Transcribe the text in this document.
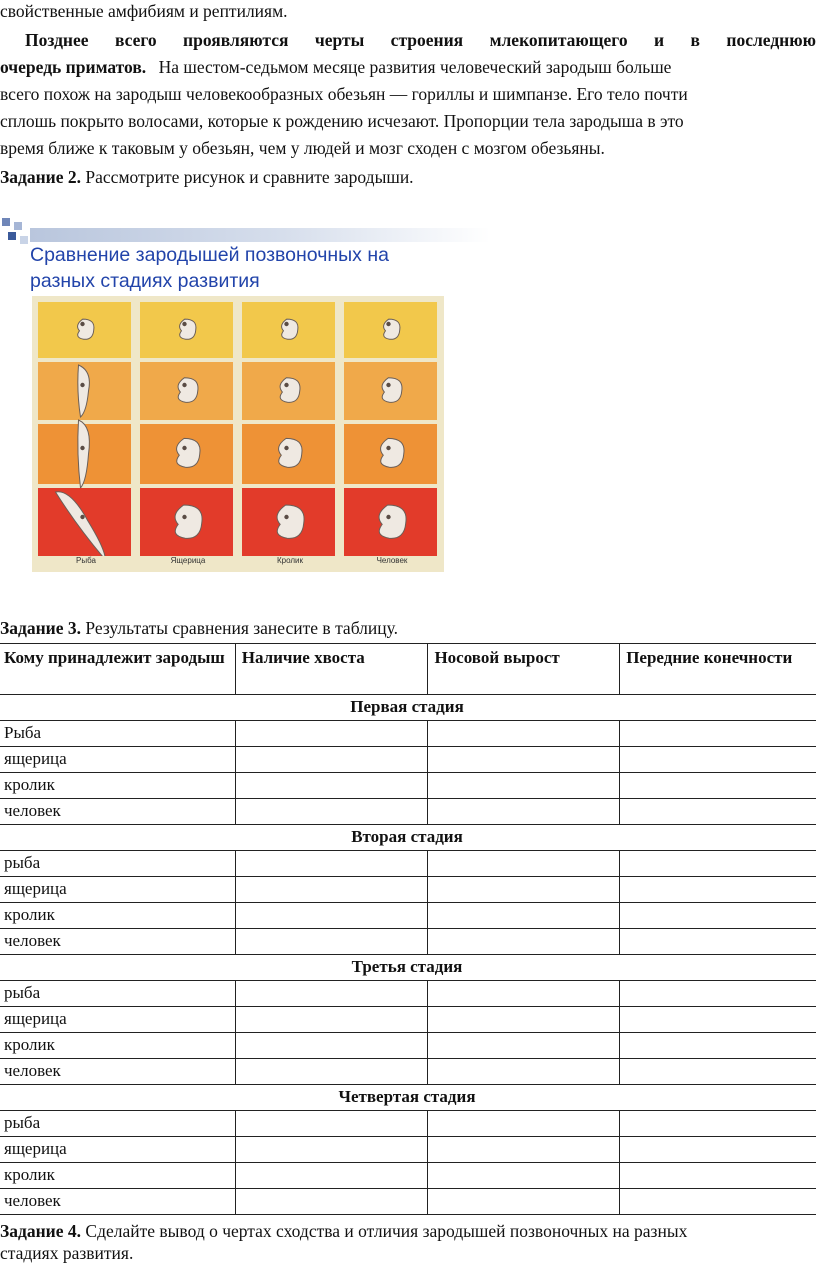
свойственные амфибиям и рептилиям.
Позднее всего проявляются черты строения млекопитающего и в последнюю
очередь приматов. На шестом-седьмом месяце развития человеческий зародыш больше
всего похож на зародыш человекообразных обезьян — гориллы и шимпанзе. Его тело почти
сплошь покрыто волосами, которые к рождению исчезают. Пропорции тела зародыша в это
время ближе к таковым у обезьян, чем у людей и мозг сходен с мозгом обезьяны.
Задание 2. Рассмотрите рисунок и сравните зародыши.
Сравнение зародышей позвоночных на
разных стадиях развития
Рыба	Ящерица	Кролик	Человек
Задание 3. Результаты сравнения занесите в таблицу.
Кому принадлежит зародыш	Наличие хвоста	Носовой вырост	Передние конечности
Первая стадия			
Рыба			
ящерица			
кролик			
человек			
Вторая стадия			
рыба			
ящерица			
кролик			
человек			
Третья стадия			
рыба			
ящерица			
кролик			
человек			
Четвертая стадия			
рыба			
ящерица			
кролик			
человек			
Задание 4. Сделайте вывод о чертах сходства и отличия зародышей позвоночных на разных
стадиях развития.
